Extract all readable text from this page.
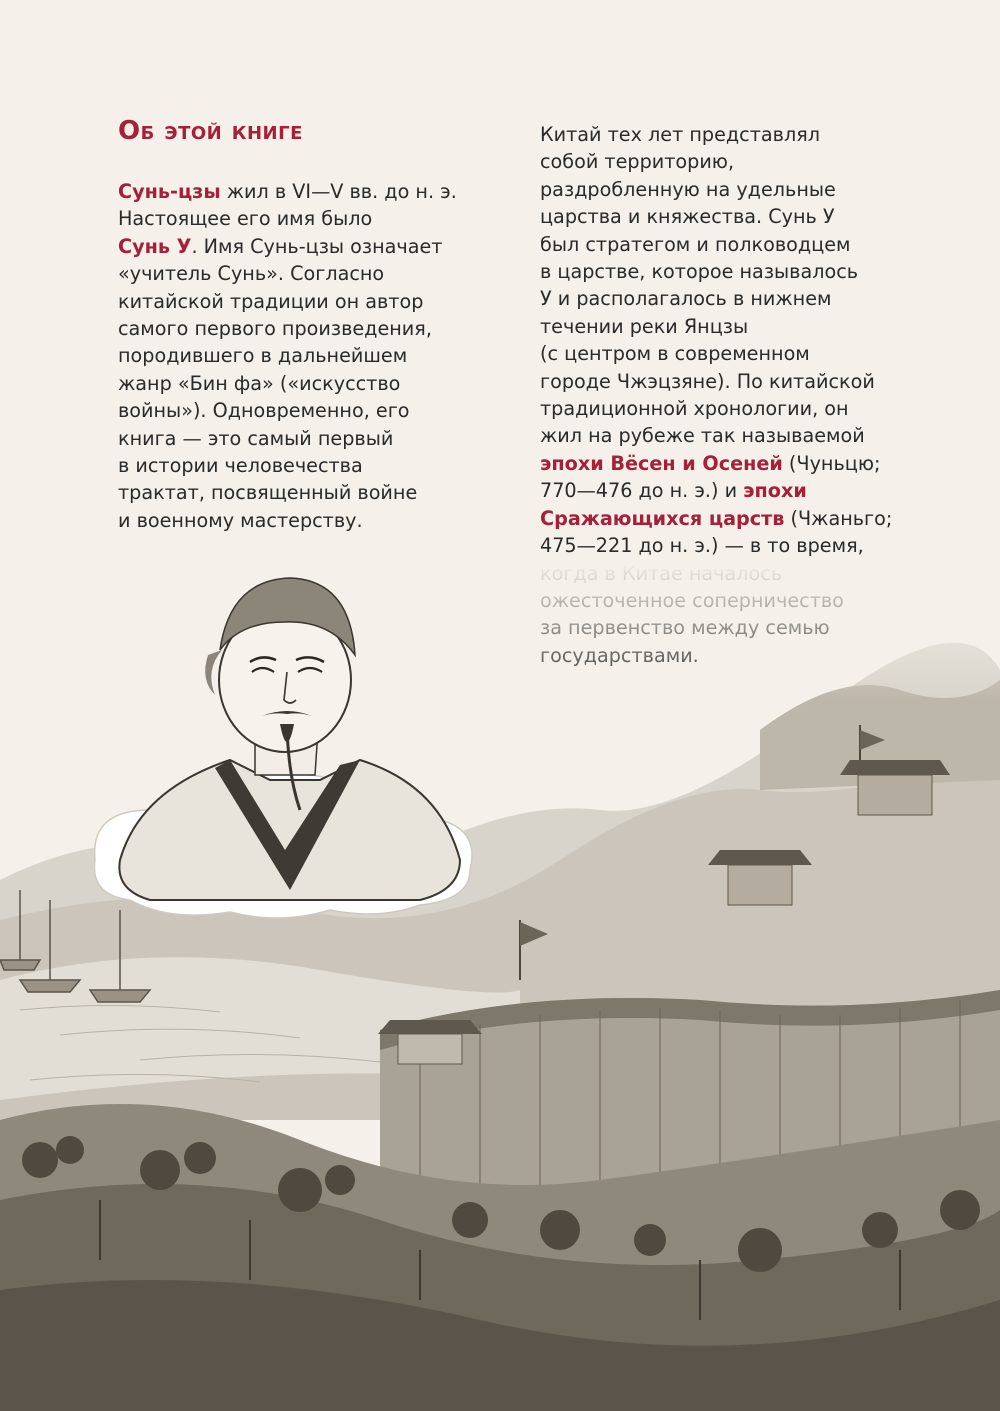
Об этой книге
Сунь-цзы жил в VI—V вв. до н. э.
Настоящее его имя было
Сунь У. Имя Сунь-цзы означает
«учитель Сунь». Согласно
китайской традиции он автор
самого первого произведения,
породившего в дальнейшем
жанр «Бин фа» («искусство
войны»). Одновременно, его
книга — это самый первый
в истории человечества
трактат, посвященный войне
и военному мастерству.
Китай тех лет представлял
собой территорию,
раздробленную на удельные
царства и княжества. Сунь У
был стратегом и полководцем
в царстве, которое называлось
У и располагалось в нижнем
течении реки Янцзы
(с центром в современном
городе Чжэцзяне). По китайской
традиционной хронологии, он
жил на рубеже так называемой
эпохи Вёсен и Осеней (Чуньцю;
770—476 до н. э.) и эпохи
Сражающихся царств (Чжаньго;
475—221 до н. э.) — в то время,
